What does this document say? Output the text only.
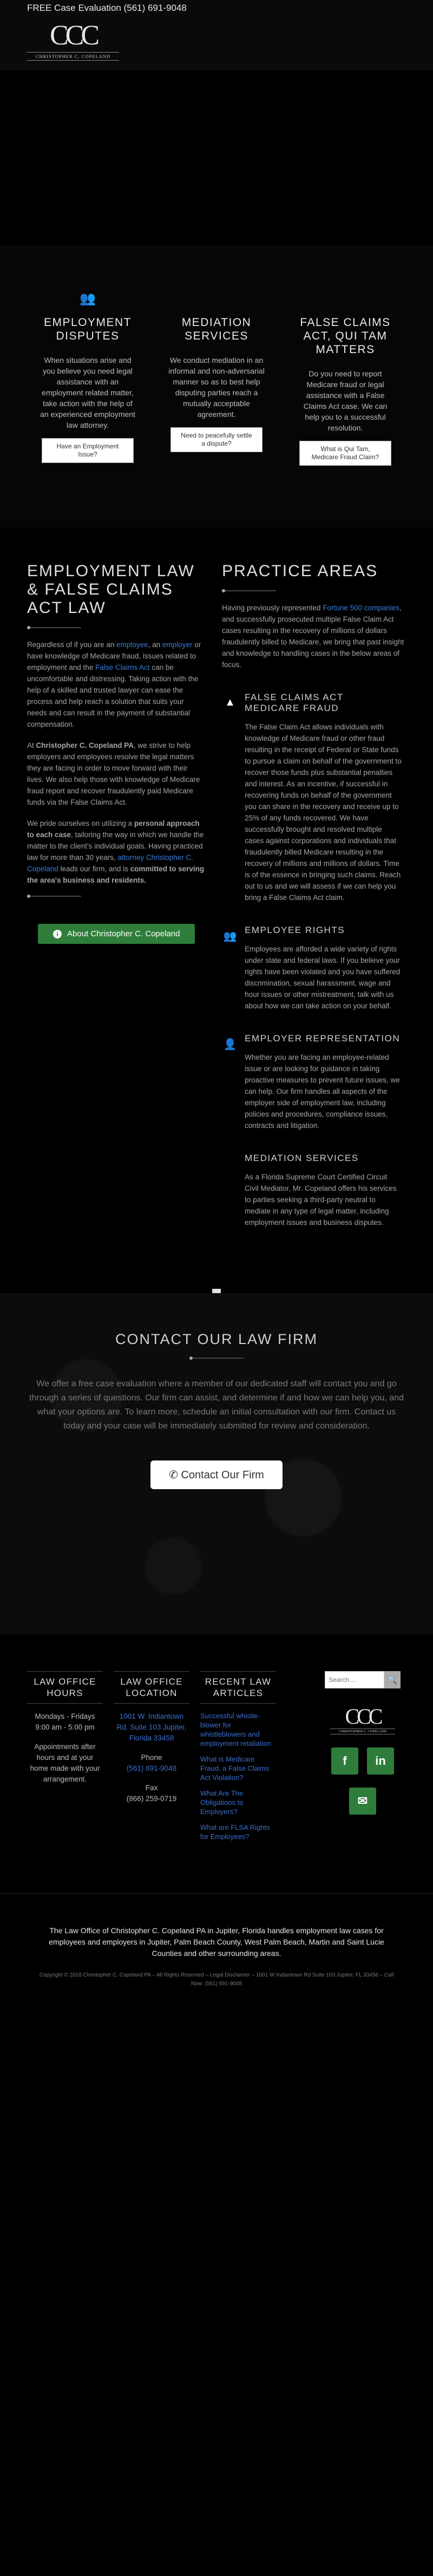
FREE Case Evaluation (561) 691-9048
CCC
CHRISTOPHER C. COPELAND
👥
EMPLOYMENT DISPUTES

When situations arise and you believe you need legal assistance with an employment related matter, take action with the help of an experienced employment law attorney.

Have an Employment Issue?
MEDIATION SERVICES

We conduct mediation in an informal and non-adversarial manner so as to best help disputing parties reach a mutually acceptable agreement.

Need to peacefully settle a dispute?
FALSE CLAIMS ACT, QUI TAM MATTERS

Do you need to report Medicare fraud or legal assistance with a False Claims Act case. We can help you to a successful resolution.

What is Qui Tam, Medicare Fraud Claim?
EMPLOYMENT LAW & FALSE CLAIMS ACT LAW

Regardless of if you are an employee, an employer or have knowledge of Medicare fraud, issues related to employment and the False Claims Act can be uncomfortable and distressing. Taking action with the help of a skilled and trusted lawyer can ease the process and help reach a solution that suits your needs and can result in the payment of substantial compensation.

At Christopher C. Copeland PA, we strive to help employers and employees resolve the legal matters they are facing in order to move forward with their lives. We also help those with knowledge of Medicare fraud report and recover fraudulently paid Medicare funds via the False Claims Act.

We pride ourselves on utilizing a personal approach to each case, tailoring the way in which we handle the matter to the client's individual goals. Having practiced law for more than 30 years, attorney Christopher C. Copeland leads our firm, and is committed to serving the area's business and residents.

i About Christopher C. Copeland
PRACTICE AREAS

Having previously represented Fortune 500 companies, and successfully prosecuted multiple False Claim Act cases resulting in the recovery of millions of dollars fraudulently billed to Medicare, we bring that past insight and knowledge to handling cases in the below areas of focus.

▲	FALSE CLAIMS ACT MEDICARE FRAUD

The False Claim Act allows individuals with knowledge of Medicare fraud or other fraud resulting in the receipt of Federal or State funds to pursue a claim on behalf of the government to recover those funds plus substantial penalties and interest. As an incentive, if successful in recovering funds on behalf of the government you can share in the recovery and receive up to 25% of any funds recovered. We have successfully brought and resolved multiple cases against corporations and individuals that fraudulently billed Medicare resulting in the recovery of millions and millions of dollars. Time is of the essence in bringing such claims. Reach out to us and we will assess if we can help you bring a False Claims Act claim.

👥
EMPLOYEE RIGHTS

Employees are afforded a wide variety of rights under state and federal laws. If you believe your rights have been violated and you have suffered discrimination, sexual harassment, wage and hour issues or other mistreatment, talk with us about how we can take action on your behalf.

👤
EMPLOYER REPRESENTATION

Whether you are facing an employee-related issue or are looking for guidance in taking proactive measures to prevent future issues, we can help. Our firm handles all aspects of the employer side of employment law, including policies and procedures, compliance issues, contracts and litigation.

MEDIATION SERVICES

As a Florida Supreme Court Certified Circuit Civil Mediator, Mr. Copeland offers his services to parties seeking a third-party neutral to mediate in any type of legal matter, including employment issues and business disputes.

CONTACT OUR LAW FIRM

We offer a free case evaluation where a member of our dedicated staff will contact you and go through a series of questions. Our firm can assist, and determine if and how we can help you, and what your options are. To learn more, schedule an initial consultation with our firm. Contact us today and your case will be immediately submitted for review and consideration.

✆ Contact Our Firm
LAW OFFICE HOURS

Mondays - Fridays

9:00 am - 5:00 pm

Appointments after hours and at your home made with your arrangement.

LAW OFFICE LOCATION

1001 W. Indiantown Rd. Suite 103 Jupiter, Florida 33458

Phone

(561) 691-9048

Fax

(866) 259-0719

RECENT LAW ARTICLES
Successful whistle-blower for whistleblowers and employment retaliation
What is Medicare Fraud, a False Claims Act Violation?
What Are The Obligations to Employers?
What are FLSA Rights for Employees?
Search ...
🔍
CCC
CHRISTOPHER C. COPELAND
f	in
✉

The Law Office of Christopher C. Copeland PA in Jupiter, Florida handles employment law cases for employees and employers in Jupiter, Palm Beach County, West Palm Beach, Martin and Saint Lucie Counties and other surrounding areas.

Copyright © 2018 Christopher C. Copeland PA – All Rights Reserved – Legal Disclaimer – 1001 W Indiantown Rd Suite 103 Jupiter, FL 33458 – Call Now: (561) 691-9048
